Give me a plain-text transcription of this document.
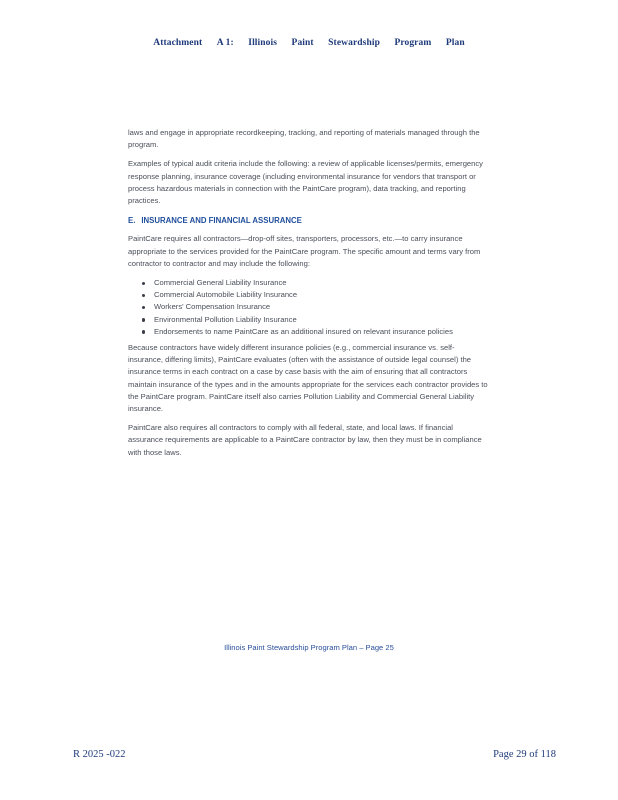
Attachment A 1: Illinois Paint Stewardship Program Plan

laws and engage in appropriate recordkeeping, tracking, and reporting of materials managed through the program.

Examples of typical audit criteria include the following: a review of applicable licenses/permits, emergency response planning, insurance coverage (including environmental insurance for vendors that transport or process hazardous materials in connection with the PaintCare program), data tracking, and reporting practices.

E. INSURANCE AND FINANCIAL ASSURANCE

PaintCare requires all contractors—drop-off sites, transporters, processors, etc.—to carry insurance appropriate to the services provided for the PaintCare program. The specific amount and terms vary from contractor to contractor and may include the following:

Commercial General Liability Insurance
Commercial Automobile Liability Insurance
Workers' Compensation Insurance
Environmental Pollution Liability Insurance
Endorsements to name PaintCare as an additional insured on relevant insurance policies

Because contractors have widely different insurance policies (e.g., commercial insurance vs. self-insurance, differing limits), PaintCare evaluates (often with the assistance of outside legal counsel) the insurance terms in each contract on a case by case basis with the aim of ensuring that all contractors maintain insurance of the types and in the amounts appropriate for the services each contractor provides to the PaintCare program. PaintCare itself also carries Pollution Liability and Commercial General Liability insurance.

PaintCare also requires all contractors to comply with all federal, state, and local laws. If financial assurance requirements are applicable to a PaintCare contractor by law, then they must be in compliance with those laws.

Illinois Paint Stewardship Program Plan – Page 25
R 2025 -022	Page 29 of 118
